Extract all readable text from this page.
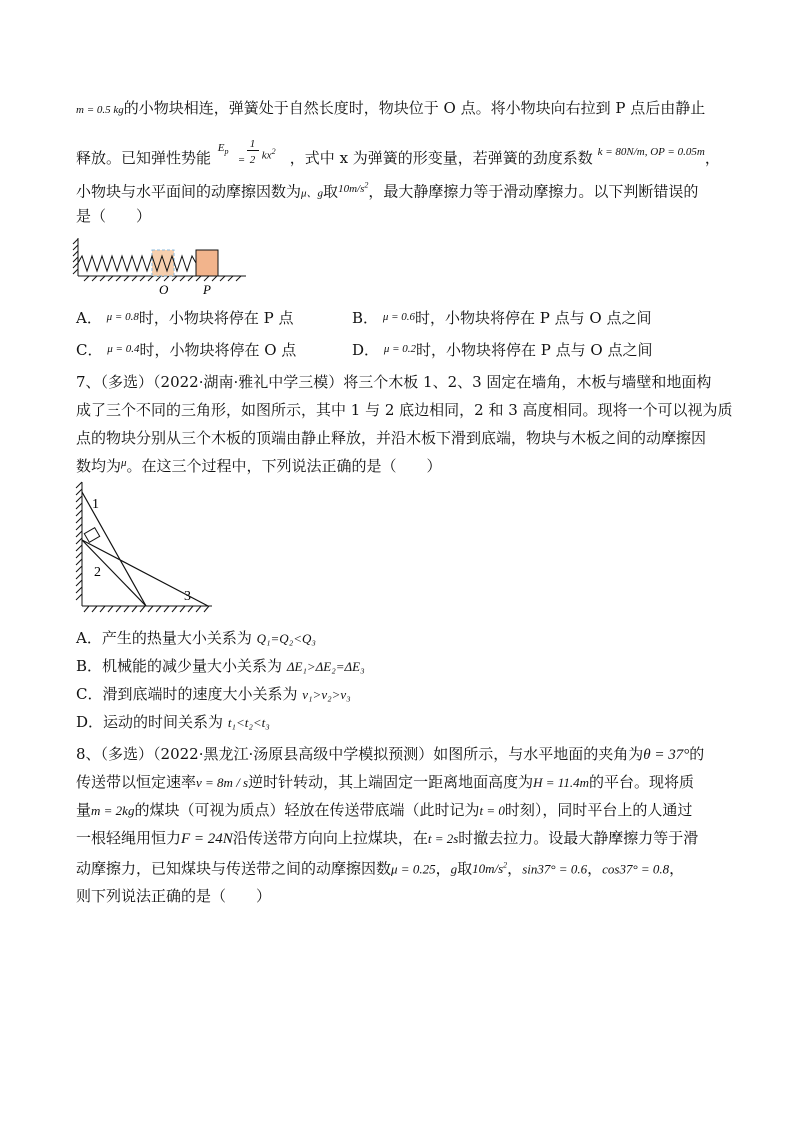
m = 0.5 kg的小物块相连，弹簧处于自然长度时，物块位于 O 点。将小物块向右拉到 P 点后由静止
释放。已知弹性势能
$E_p$
=
1
2 $kx^2$ ，式中 x 为弹簧的形变量，若弹簧的劲度系数 $^{k = 80N/m, OP = 0.05m}$，
小物块与水平面间的动摩擦因数为μ、g取$^{10m/s^2}$，最大静摩擦力等于滑动摩擦力。以下判断错误的
是（　　）
O	P
A． $^{\mu = 0.8}$时，小物块将停在 P 点	B． $^{\mu = 0.6}$时，小物块将停在 P 点与 O 点之间
C． $^{\mu = 0.4}$时，小物块将停在 O 点	D． $^{\mu = 0.2}$时，小物块将停在 P 点与 O 点之间
7、（多选）（2022·湖南·雅礼中学三模）将三个木板 1、2、3 固定在墙角，木板与墙壁和地面构
成了三个不同的三角形，如图所示，其中 1 与 2 底边相同，2 和 3 高度相同。现将一个可以视为质
点的物块分别从三个木板的顶端由静止释放，并沿木板下滑到底端，物块与木板之间的动摩擦因
数均为$^\mu$。在这三个过程中，下列说法正确的是（　　）
1
2
3
A．产生的热量大小关系为 Q₁=Q₂<Q₃
B．机械能的减少量大小关系为 ΔE₁>ΔE₂=ΔE₃
C．滑到底端时的速度大小关系为 v₁>v₂>v₃
D．运动的时间关系为 t₁<t₂<t₃
8、（多选）（2022·黑龙江·汤原县高级中学模拟预测）如图所示，与水平地面的夹角为θ = 37°的
传送带以恒定速率v = 8m / s逆时针转动，其上端固定一距离地面高度为H = 11.4m的平台。现将质
量m = 2kg的煤块（可视为质点）轻放在传送带底端（此时记为t = 0时刻），同时平台上的人通过
一根轻绳用恒力F = 24N沿传送带方向向上拉煤块，在t = 2s时撤去拉力。设最大静摩擦力等于滑
动摩擦力，已知煤块与传送带之间的动摩擦因数μ = 0.25，g取$10m/s^2$，sin37° = 0.6，cos37° = 0.8，
则下列说法正确的是（　　）
